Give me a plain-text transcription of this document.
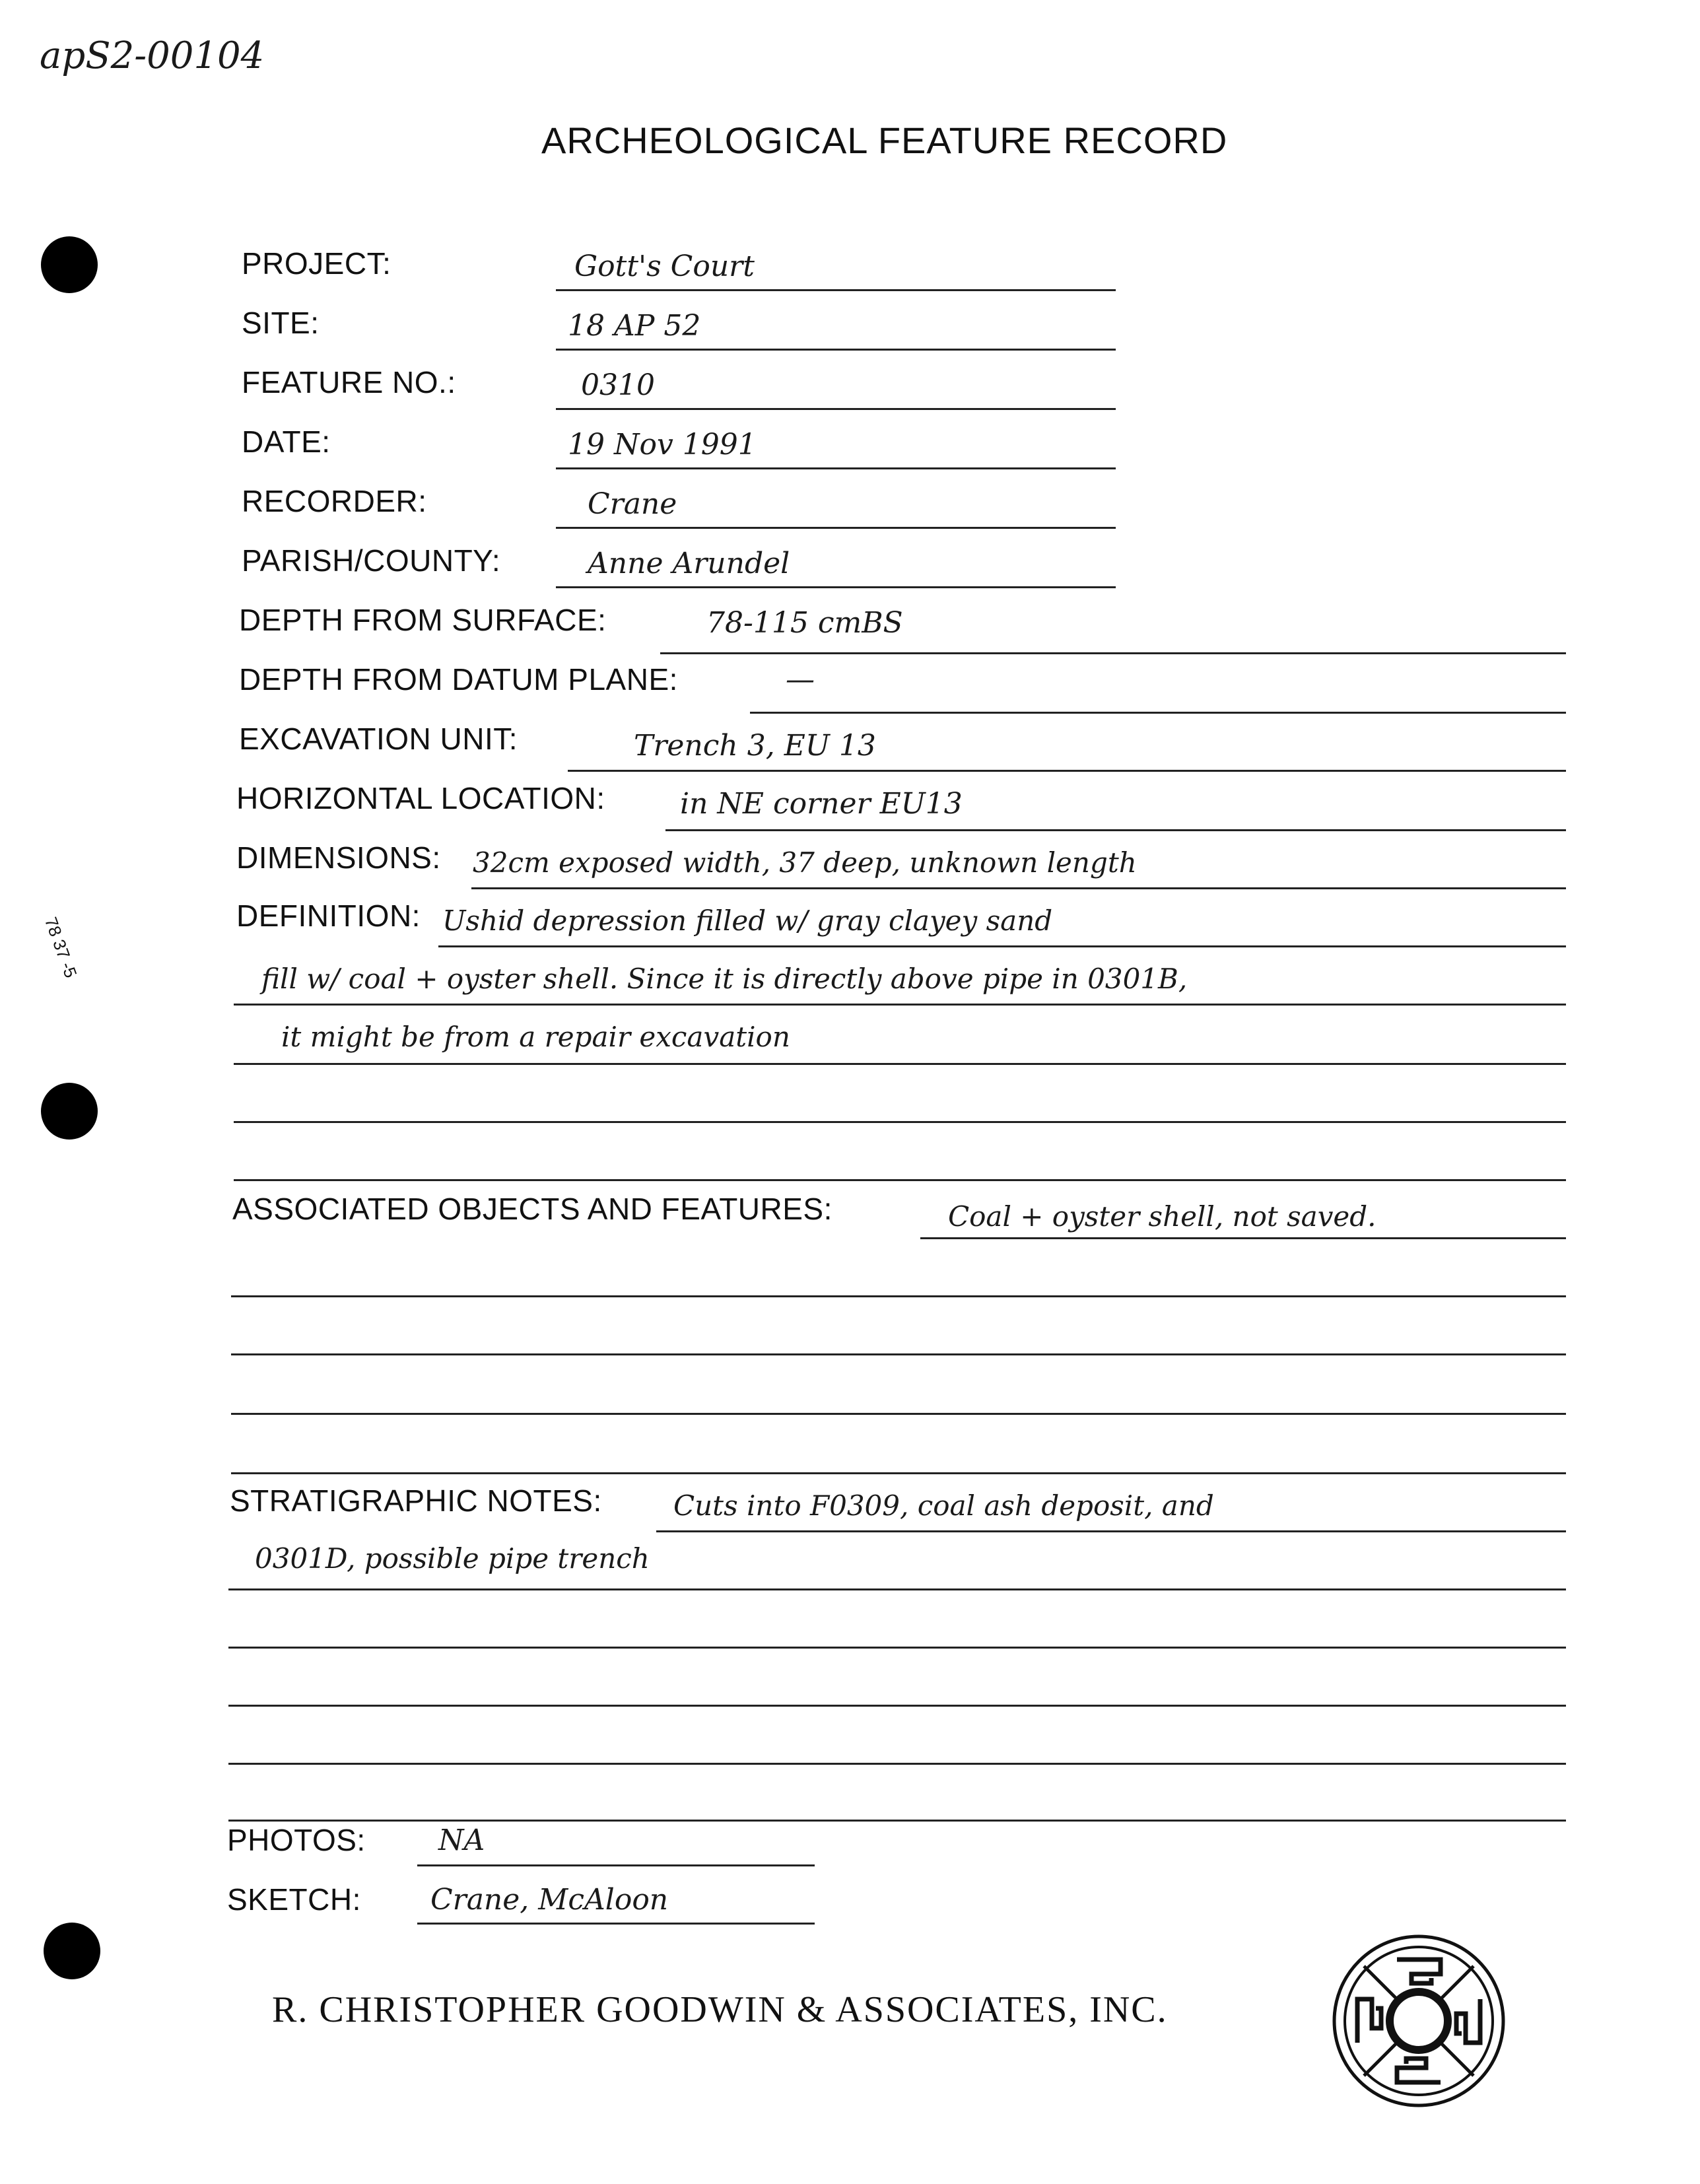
apS2-00104
ARCHEOLOGICAL FEATURE RECORD
78 37 -5
PROJECT:	Gott's Court
SITE:	18 AP 52
FEATURE NO.:	0310
DATE:	19 Nov 1991
RECORDER:	Crane
PARISH/COUNTY:	Anne Arundel
DEPTH FROM SURFACE:	78-115 cmBS
DEPTH FROM DATUM PLANE:	—
EXCAVATION UNIT:	Trench 3, EU 13
HORIZONTAL LOCATION:	in NE corner EU13
DIMENSIONS: 32cm exposed width, 37 deep, unknown length
DEFINITION: Ushid depression filled w/ gray clayey sand
fill w/ coal + oyster shell. Since it is directly above pipe in 0301B,
it might be from a repair excavation
ASSOCIATED OBJECTS AND FEATURES:	Coal + oyster shell, not saved.
STRATIGRAPHIC NOTES:	Cuts into F0309, coal ash deposit, and
0301D, possible pipe trench
PHOTOS:	NA
SKETCH: Crane, McAloon
R. CHRISTOPHER GOODWIN & ASSOCIATES, INC.
